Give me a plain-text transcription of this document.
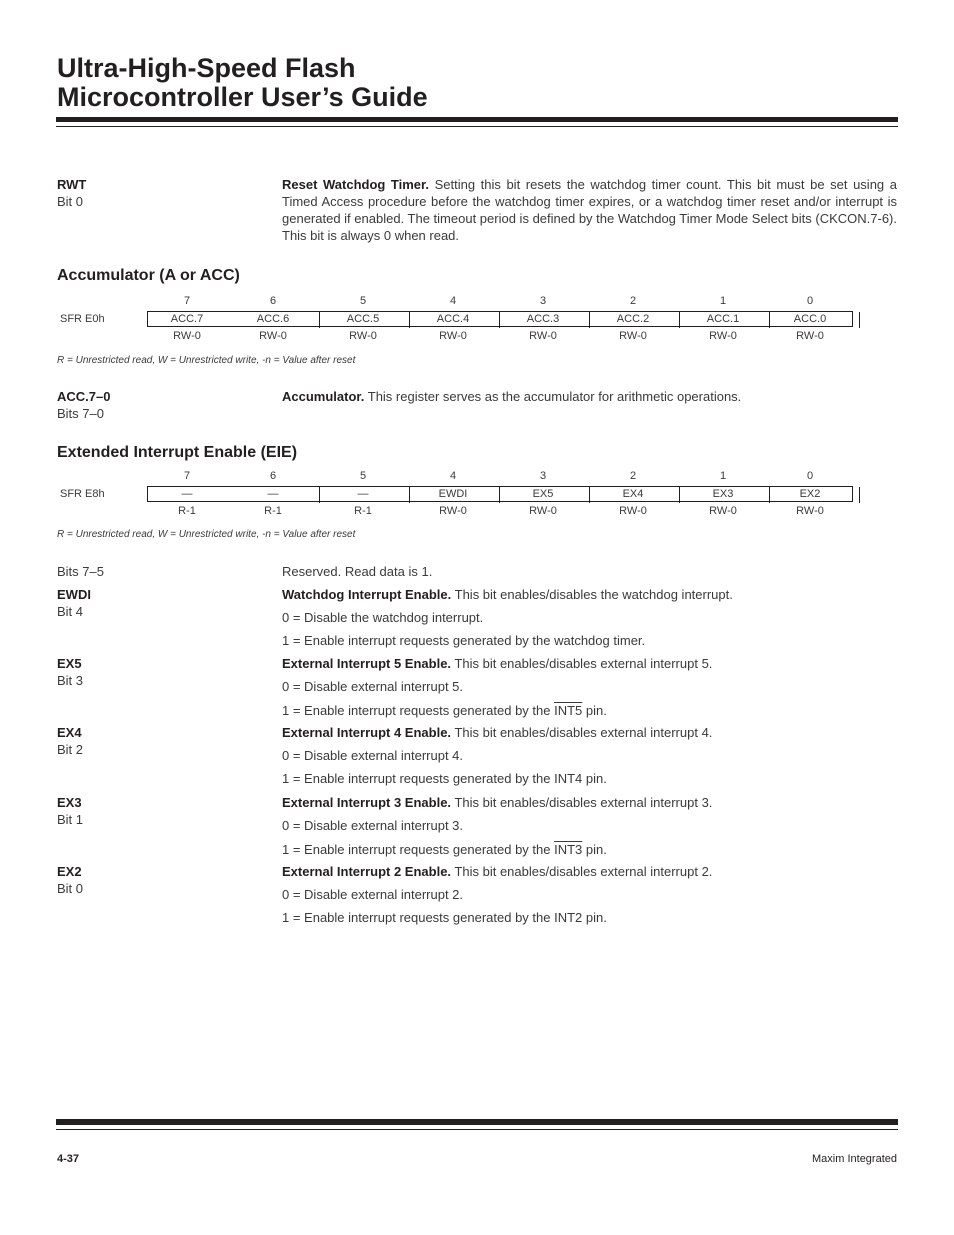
Ultra-High-Speed Flash
Microcontroller User’s Guide
RWT
Bit 0
Reset Watchdog Timer. Setting this bit resets the watchdog timer count. This bit must be set using a Timed Access procedure before the watchdog timer expires, or a watchdog timer reset and/or interrupt is generated if enabled. The timeout period is defined by the Watchdog Timer Mode Select bits (CKCON.7-6). This bit is always 0 when read.
Accumulator (A or ACC)
7	6	5	4	3	2	1	0
SFR E0h	ACC.7	ACC.6	ACC.5	ACC.4	ACC.3	ACC.2	ACC.1	ACC.0
RW-0	RW-0	RW-0	RW-0	RW-0	RW-0	RW-0	RW-0
R = Unrestricted read, W = Unrestricted write, -n = Value after reset
ACC.7–0
Bits 7–0
Accumulator. This register serves as the accumulator for arithmetic operations.
Extended Interrupt Enable (EIE)
7	6	5	4	3	2	1	0
SFR E8h	—	—	—	EWDI	EX5	EX4	EX3	EX2
R-1	R-1	R-1	RW-0	RW-0	RW-0	RW-0	RW-0
R = Unrestricted read, W = Unrestricted write, -n = Value after reset
Bits 7–5	Reserved. Read data is 1.
EWDI
Bit 4
Watchdog Interrupt Enable. This bit enables/disables the watchdog interrupt.
0 = Disable the watchdog interrupt.
1 = Enable interrupt requests generated by the watchdog timer.
EX5
Bit 3
External Interrupt 5 Enable. This bit enables/disables external interrupt 5.
0 = Disable external interrupt 5.
1 = Enable interrupt requests generated by the INT5 pin.
EX4
Bit 2
External Interrupt 4 Enable. This bit enables/disables external interrupt 4.
0 = Disable external interrupt 4.
1 = Enable interrupt requests generated by the INT4 pin.
EX3
Bit 1
External Interrupt 3 Enable. This bit enables/disables external interrupt 3.
0 = Disable external interrupt 3.
1 = Enable interrupt requests generated by the INT3 pin.
EX2
Bit 0
External Interrupt 2 Enable. This bit enables/disables external interrupt 2.
0 = Disable external interrupt 2.
1 = Enable interrupt requests generated by the INT2 pin.
4-37	Maxim Integrated
